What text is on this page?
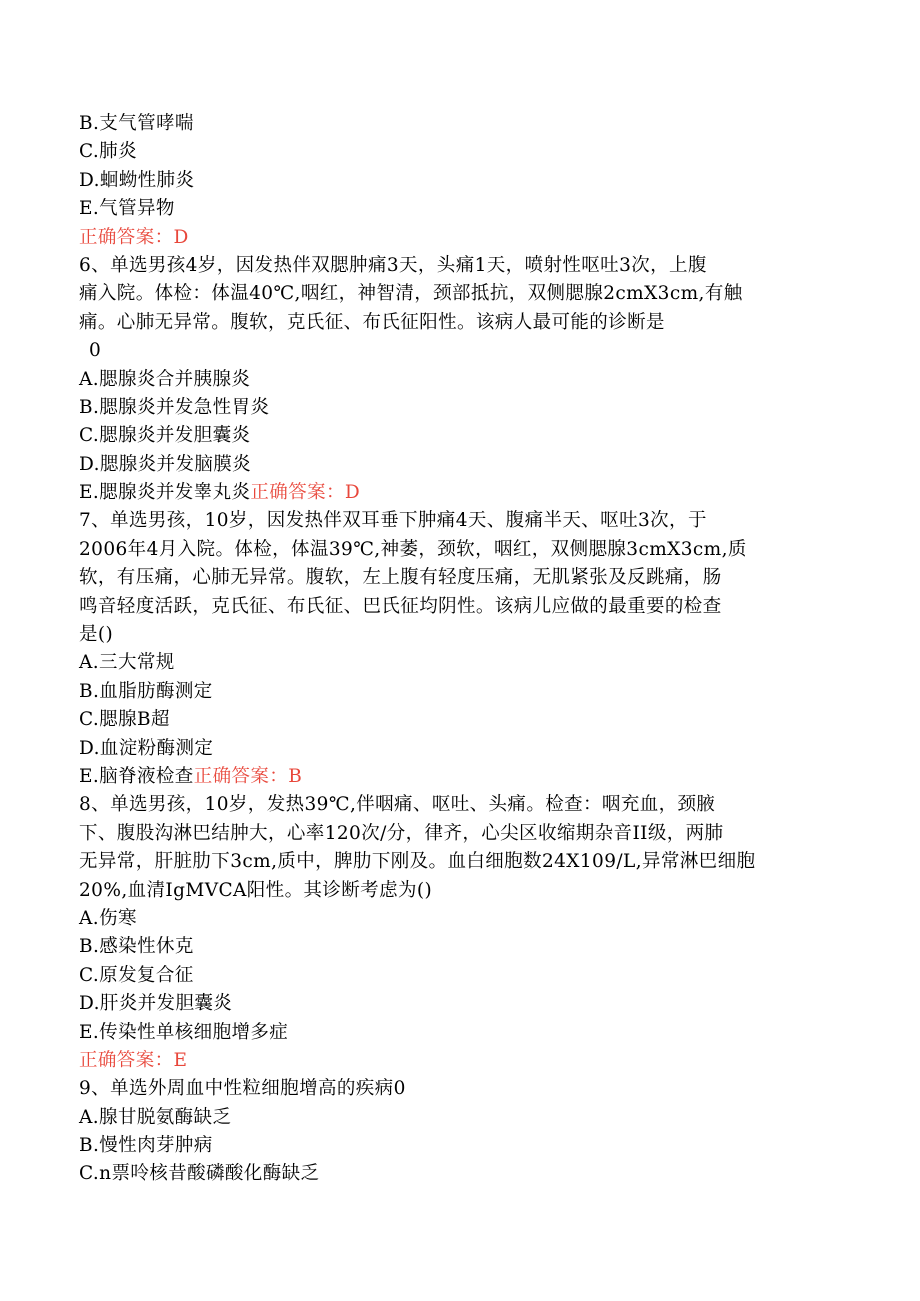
B.支气管哮喘
C.肺炎
D.蛔蚴性肺炎
E.气管异物
正确答案：D
6、单选男孩4岁，因发热伴双腮肿痛3天，头痛1天，喷射性呕吐3次，上腹
痛入院。体检：体温40℃,咽红，神智清，颈部抵抗，双侧腮腺2cmX3cm,有触
痛。心肺无异常。腹软，克氏征、布氏征阳性。该病人最可能的诊断是
0
A.腮腺炎合并胰腺炎
B.腮腺炎并发急性胃炎
C.腮腺炎并发胆囊炎
D.腮腺炎并发脑膜炎
E.腮腺炎并发睾丸炎正确答案：D
7、单选男孩，10岁，因发热伴双耳垂下肿痛4天、腹痛半天、呕吐3次，于
2006年4月入院。体检，体温39℃,神萎，颈软，咽红，双侧腮腺3cmX3cm,质
软，有压痛，心肺无异常。腹软，左上腹有轻度压痛，无肌紧张及反跳痛，肠
鸣音轻度活跃，克氏征、布氏征、巴氏征均阴性。该病儿应做的最重要的检查
是()
A.三大常规
B.血脂肪酶测定
C.腮腺B超
D.血淀粉酶测定
E.脑脊液检查正确答案：B
8、单选男孩，10岁，发热39℃,伴咽痛、呕吐、头痛。检查：咽充血，颈腋
下、腹股沟淋巴结肿大，心率120次/分，律齐，心尖区收缩期杂音II级，两肺
无异常，肝脏肋下3cm,质中，脾肋下刚及。血白细胞数24X109/L,异常淋巴细胞
20%,血清IgMVCA阳性。其诊断考虑为()
A.伤寒
B.感染性休克
C.原发复合征
D.肝炎并发胆囊炎
E.传染性单核细胞增多症
正确答案：E
9、单选外周血中性粒细胞增高的疾病0
A.腺甘脱氨酶缺乏
B.慢性肉芽肿病
C.n票呤核昔酸磷酸化酶缺乏
